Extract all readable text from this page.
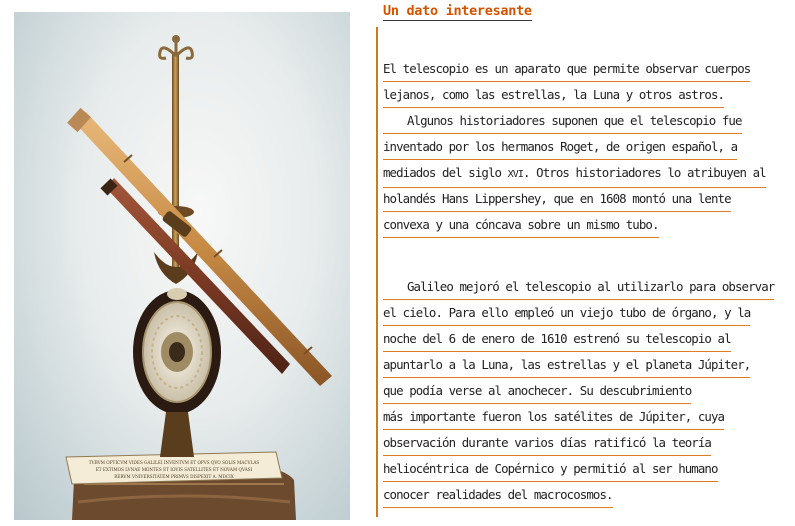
TVBVM OPTICVM VIDES GALILEI INVENTVM ET OPVS QVO SOLIS MACVLAS
ET EXTIMOS LVNAE MONTES ET IOVIS SATELLITES ET NOVAM QVASI
RERVM VNIVERSITATEM PRIMVS DISPEXIT A. MDCIX
Un dato interesante
El telescopio es un aparato que permite observar cuerpos
lejanos, como las estrellas, la Luna y otros astros.
Algunos historiadores suponen que el telescopio fue
inventado por los hermanos Roget, de origen español, a
mediados del siglo XVI. Otros historiadores lo atribuyen al
holandés Hans Lippershey, que en 1608 montó una lente
convexa y una cóncava sobre un mismo tubo.
Galileo mejoró el telescopio al utilizarlo para observar
el cielo. Para ello empleó un viejo tubo de órgano, y la
noche del 6 de enero de 1610 estrenó su telescopio al
apuntarlo a la Luna, las estrellas y el planeta Júpiter,
que podía verse al anochecer. Su descubrimiento
más importante fueron los satélites de Júpiter, cuya
observación durante varios días ratificó la teoría
heliocéntrica de Copérnico y permitió al ser humano
conocer realidades del macrocosmos.
